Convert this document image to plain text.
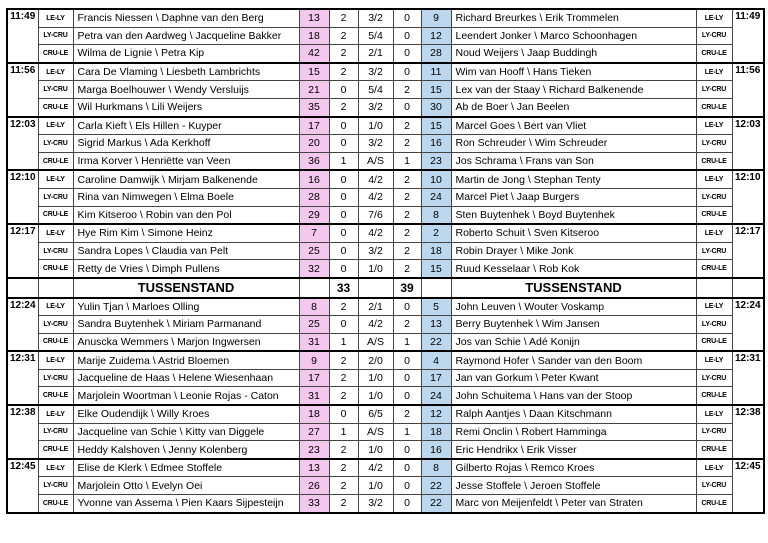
11:49	LE-LY	Francis Niessen \ Daphne van den Berg	13	2	3/2	0	9	Richard Breurkes \ Erik Trommelen	LE-LY	11:49
	LY-CRU	Petra van den Aardweg \ Jacqueline Bakker	18	2	5/4	0	12	Leendert Jonker \ Marco Schoonhagen	LY-CRU	
	CRU-LE	Wilma de Lignie \ Petra Kip	42	2	2/1	0	28	Noud Weijers \ Jaap Buddingh	CRU-LE	
11:56	LE-LY	Cara De Vlaming \ Liesbeth Lambrichts	15	2	3/2	0	11	Wim van Hooff \ Hans Tieken	LE-LY	11:56
	LY-CRU	Marga Boelhouwer \ Wendy Versluijs	21	0	5/4	2	15	Lex van der Staay \ Richard Balkenende	LY-CRU	
	CRU-LE	Wil Hurkmans \ Lili Weijers	35	2	3/2	0	30	Ab de Boer \ Jan Beelen	CRU-LE	
12:03	LE-LY	Carla Kieft \ Els Hillen - Kuyper	17	0	1/0	2	15	Marcel Goes \ Bert van Vliet	LE-LY	12:03
	LY-CRU	Sigrid Markus \ Ada Kerkhoff	20	0	3/2	2	16	Ron Schreuder \ Wim Schreuder	LY-CRU	
	CRU-LE	Irma Korver \ Henriëtte van Veen	36	1	A/S	1	23	Jos Schrama \ Frans van Son	CRU-LE	
12:10	LE-LY	Caroline Damwijk \ Mirjam Balkenende	16	0	4/2	2	10	Martin de Jong \ Stephan Tenty	LE-LY	12:10
	LY-CRU	Rina van Nimwegen \ Elma Boele	28	0	4/2	2	24	Marcel Piet \ Jaap Burgers	LY-CRU	
	CRU-LE	Kim Kitseroo \ Robin van den Pol	29	0	7/6	2	8	Sten Buytenhek \ Boyd Buytenhek	CRU-LE	
12:17	LE-LY	Hye Rim Kim \ Simone Heinz	7	0	4/2	2	2	Roberto Schuit \ Sven Kitseroo	LE-LY	12:17
	LY-CRU	Sandra Lopes \ Claudia van Pelt	25	0	3/2	2	18	Robin Drayer \ Mike Jonk	LY-CRU	
	CRU-LE	Retty de Vries \ Dimph Pullens	32	0	1/0	2	15	Ruud Kesselaar \ Rob Kok	CRU-LE	
		TUSSENSTAND		33		39		TUSSENSTAND		
12:24	LE-LY	Yulin Tjan \ Marloes Olling	8	2	2/1	0	5	John Leuven \ Wouter Voskamp	LE-LY	12:24
	LY-CRU	Sandra Buytenhek \ Miriam Parmanand	25	0	4/2	2	13	Berry Buytenhek \ Wim Jansen	LY-CRU	
	CRU-LE	Anuscka Wemmers \ Marjon Ingwersen	31	1	A/S	1	22	Jos van Schie \ Adé Konijn	CRU-LE	
12:31	LE-LY	Marije Zuidema \ Astrid Bloemen	9	2	2/0	0	4	Raymond Hofer \ Sander van den Boom	LE-LY	12:31
	LY-CRU	Jacqueline de Haas \ Helene Wiesenhaan	17	2	1/0	0	17	Jan van Gorkum \ Peter Kwant	LY-CRU	
	CRU-LE	Marjolein Woortman \ Leonie Rojas - Caton	31	2	1/0	0	24	John Schuitema \ Hans van der Stoop	CRU-LE	
12:38	LE-LY	Elke Oudendijk \ Willy Kroes	18	0	6/5	2	12	Ralph Aantjes \ Daan Kitschmann	LE-LY	12:38
	LY-CRU	Jacqueline van Schie \ Kitty van Diggele	27	1	A/S	1	18	Remi Onclin \ Robert Hamminga	LY-CRU	
	CRU-LE	Heddy Kalshoven \ Jenny Kolenberg	23	2	1/0	0	16	Eric Hendrikx \ Erik Visser	CRU-LE	
12:45	LE-LY	Elise de Klerk \ Edmee Stoffele	13	2	4/2	0	8	Gilberto Rojas \ Remco Kroes	LE-LY	12:45
	LY-CRU	Marjolein Otto \ Evelyn Oei	26	2	1/0	0	22	Jesse Stoffele \ Jeroen Stoffele	LY-CRU	
	CRU-LE	Yvonne van Assema \ Pien Kaars Sijpesteijn	33	2	3/2	0	22	Marc von Meijenfeldt \ Peter van Straten	CRU-LE	
